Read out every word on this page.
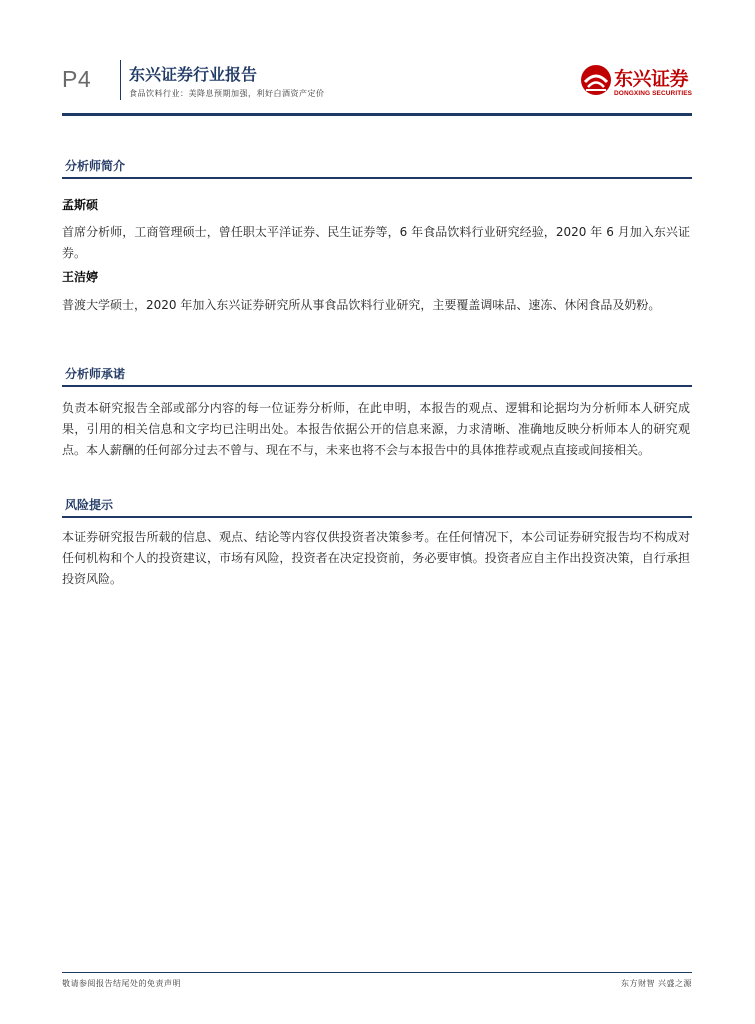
P4 东兴证券行业报告
食品饮料行业：美降息预期加强，利好白酒资产定价
东兴证券
DONGXING SECURITIES
分析师简介
孟斯硕

首席分析师，工商管理硕士，曾任职太平洋证券、民生证券等，6 年食品饮料行业研究经验，2020 年 6 月加入东兴证券。

王洁婷

普渡大学硕士，2020 年加入东兴证券研究所从事食品饮料行业研究，主要覆盖调味品、速冻、休闲食品及奶粉。

分析师承诺

负责本研究报告全部或部分内容的每一位证券分析师，在此申明，本报告的观点、逻辑和论据均为分析师本人研究成果，引用的相关信息和文字均已注明出处。本报告依据公开的信息来源，力求清晰、准确地反映分析师本人的研究观点。本人薪酬的任何部分过去不曾与、现在不与，未来也将不会与本报告中的具体推荐或观点直接或间接相关。

风险提示

本证券研究报告所载的信息、观点、结论等内容仅供投资者决策参考。在任何情况下，本公司证券研究报告均不构成对任何机构和个人的投资建议，市场有风险，投资者在决定投资前，务必要审慎。投资者应自主作出投资决策，自行承担投资风险。

敬请参阅报告结尾处的免责声明	东方财智 兴盛之源
